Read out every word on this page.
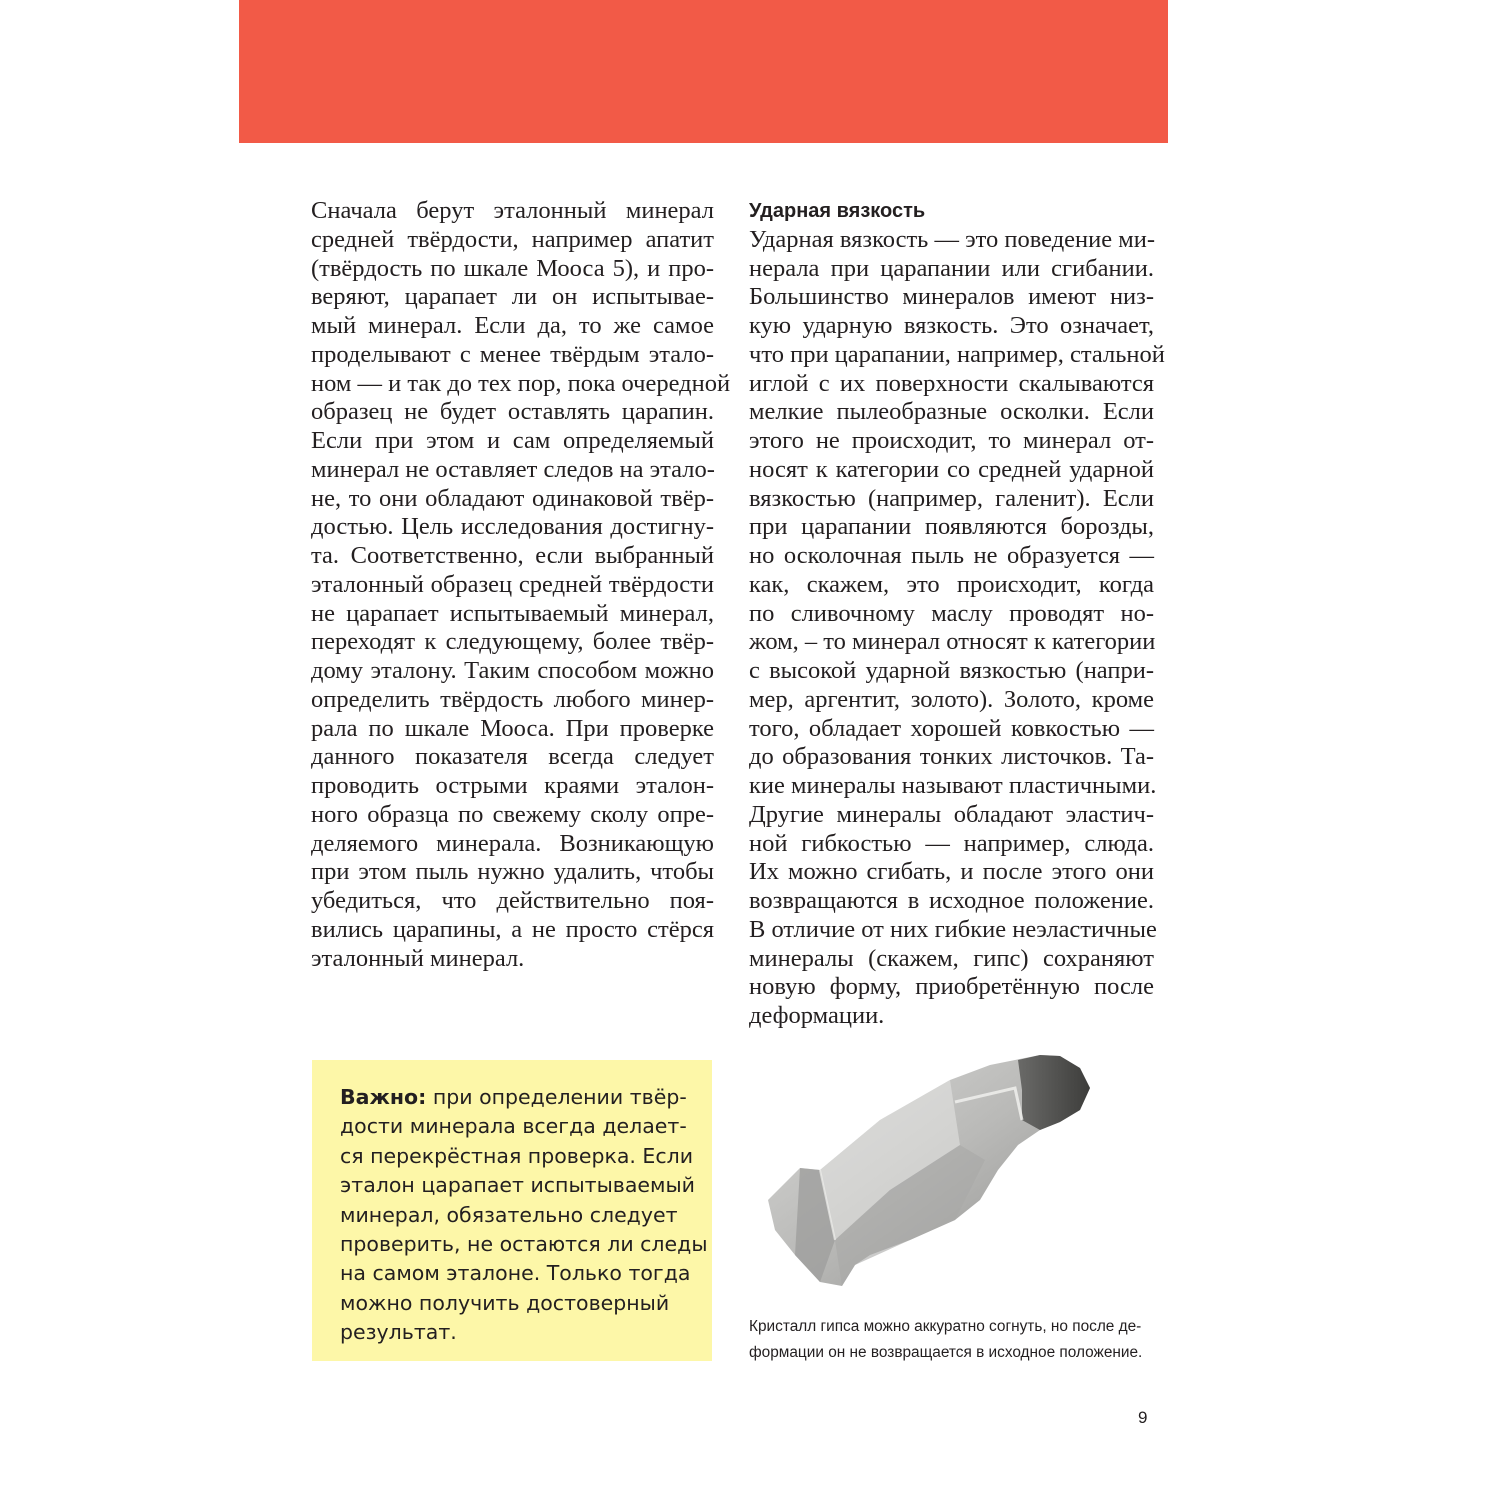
Сначала берут эталонный минерал
средней твёрдости, например апатит
(твёрдость по шкале Мооса 5), и про-
веряют, царапает ли он испытывае-
мый минерал. Если да, то же самое
проделывают с менее твёрдым этало-
ном — и так до тех пор, пока очередной
образец не будет оставлять царапин.
Если при этом и сам определяемый
минерал не оставляет следов на этало-
не, то они обладают одинаковой твёр-
достью. Цель исследования достигну-
та. Соответственно, если выбранный
эталонный образец средней твёрдости
не царапает испытываемый минерал,
переходят к следующему, более твёр-
дому эталону. Таким способом можно
определить твёрдость любого минер-
рала по шкале Мооса. При проверке
данного показателя всегда следует
проводить острыми краями эталон-
ного образца по свежему сколу опре-
деляемого минерала. Возникающую
при этом пыль нужно удалить, чтобы
убедиться, что действительно поя-
вились царапины, а не просто стёрся
эталонный минерал.
Ударная вязкость
Ударная вязкость — это поведение ми-
нерала при царапании или сгибании.
Большинство минералов имеют низ-
кую ударную вязкость. Это означает,
что при царапании, например, стальной
иглой с их поверхности скалываются
мелкие пылеобразные осколки. Если
этого не происходит, то минерал от-
носят к категории со средней ударной
вязкостью (например, галенит). Если
при царапании появляются борозды,
но осколочная пыль не образуется —
как, скажем, это происходит, когда
по сливочному маслу проводят но-
жом, – то минерал относят к категории
с высокой ударной вязкостью (напри-
мер, аргентит, золото). Золото, кроме
того, обладает хорошей ковкостью —
до образования тонких листочков. Та-
кие минералы называют пластичными.
Другие минералы обладают эластич-
ной гибкостью — например, слюда.
Их можно сгибать, и после этого они
возвращаются в исходное положение.
В отличие от них гибкие неэластичные
минералы (скажем, гипс) сохраняют
новую форму, приобретённую после
деформации.
Важно: при определении твёр-
дости минерала всегда делает-
ся перекрёстная проверка. Если
эталон царапает испытываемый
минерал, обязательно следует
проверить, не остаются ли следы
на самом эталоне. Только тогда
можно получить достоверный
результат.	Кристалл гипса можно аккуратно согнуть, но после де-
формации он не возвращается в исходное положение.
9
